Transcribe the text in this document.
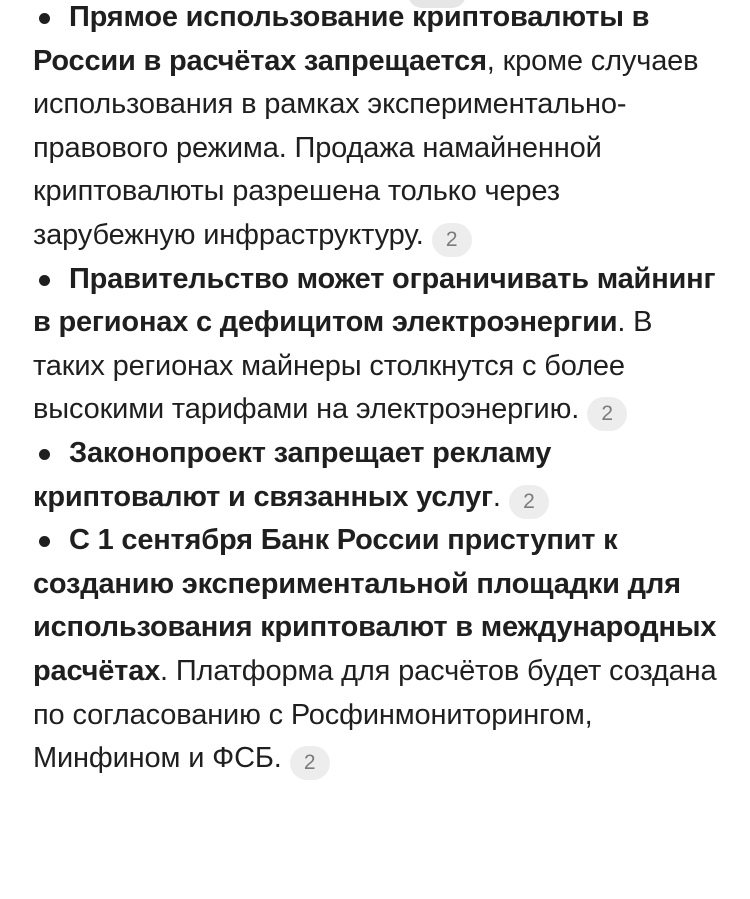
Прямое использование криптовалюты в России в расчётах запрещается, кроме случаев использования в рамках экспериментально-правового режима. Продажа намайненной криптовалюты разрешена только через зарубежную инфраструктуру. 2
Правительство может ограничивать майнинг в регионах с дефицитом электроэнергии. В таких регионах майнеры столкнутся с более высокими тарифами на электроэнергию. 2
Законопроект запрещает рекламу криптовалют и связанных услуг. 2
С 1 сентября Банк России приступит к созданию экспериментальной площадки для использования криптовалют в международных расчётах. Платформа для расчётов будет создана по согласованию с Росфинмониторингом, Минфином и ФСБ. 2
